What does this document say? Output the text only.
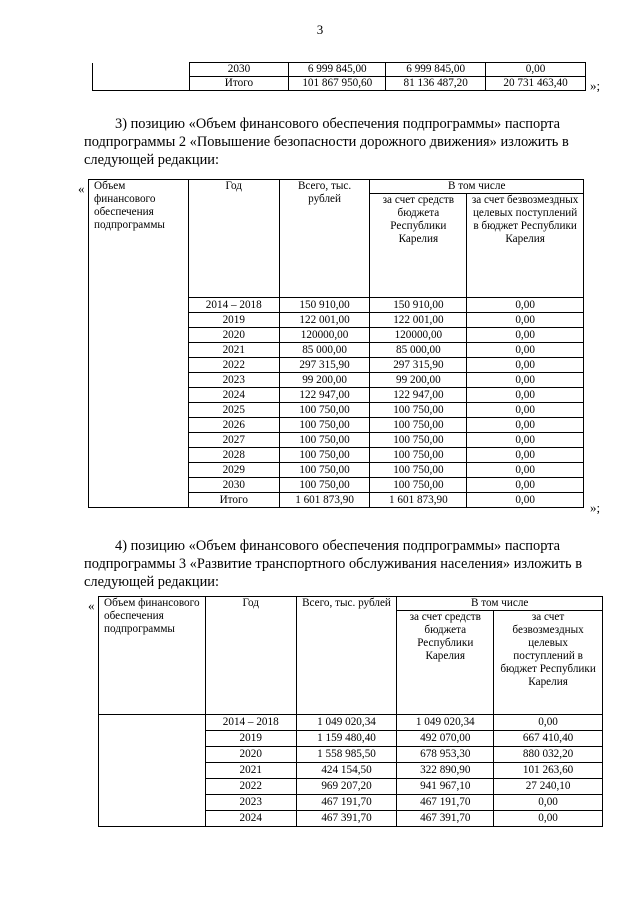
3
	2030	6 999 845,00	6 999 845,00	0,00
	Итого	101 867 950,60	81 136 487,20	20 731 463,40 »;
3) позицию «Объем финансового обеспечения подпрограммы» паспорта
подпрограммы 2 «Повышение безопасности дорожного движения» изложить в
следующей редакции:
« Объем финансового обеспечения подпрограммы	Год	Всего, тыс. рублей	В том числе	
			за счет средств бюджета Республики Карелия	за счет безвозмездных целевых поступлений в бюджет Республики Карелия
	2014 – 2018	150 910,00	150 910,00	0,00
	2019	122 001,00	122 001,00	0,00
	2020	120000,00	120000,00	0,00
	2021	85 000,00	85 000,00	0,00
	2022	297 315,90	297 315,90	0,00
	2023	99 200,00	99 200,00	0,00
	2024	122 947,00	122 947,00	0,00
	2025	100 750,00	100 750,00	0,00
	2026	100 750,00	100 750,00	0,00
	2027	100 750,00	100 750,00	0,00
	2028	100 750,00	100 750,00	0,00
	2029	100 750,00	100 750,00	0,00
	2030	100 750,00	100 750,00	0,00
	Итого	1 601 873,90	1 601 873,90	0,00
»;
4) позицию «Объем финансового обеспечения подпрограммы» паспорта
подпрограммы 3 «Развитие транспортного обслуживания населения» изложить в
следующей редакции:
« Объем финансового обеспечения подпрограммы	Год	Всего, тыс. рублей	В том числе	
			за счет средств бюджета Республики Карелия	за счет безвозмездных целевых поступлений в бюджет Республики Карелия
	2014 – 2018	1 049 020,34	1 049 020,34	0,00
	2019	1 159 480,40	492 070,00	667 410,40
	2020	1 558 985,50	678 953,30	880 032,20
	2021	424 154,50	322 890,90	101 263,60
	2022	969 207,20	941 967,10	27 240,10
	2023	467 191,70	467 191,70	0,00
	2024	467 391,70	467 391,70	0,00
